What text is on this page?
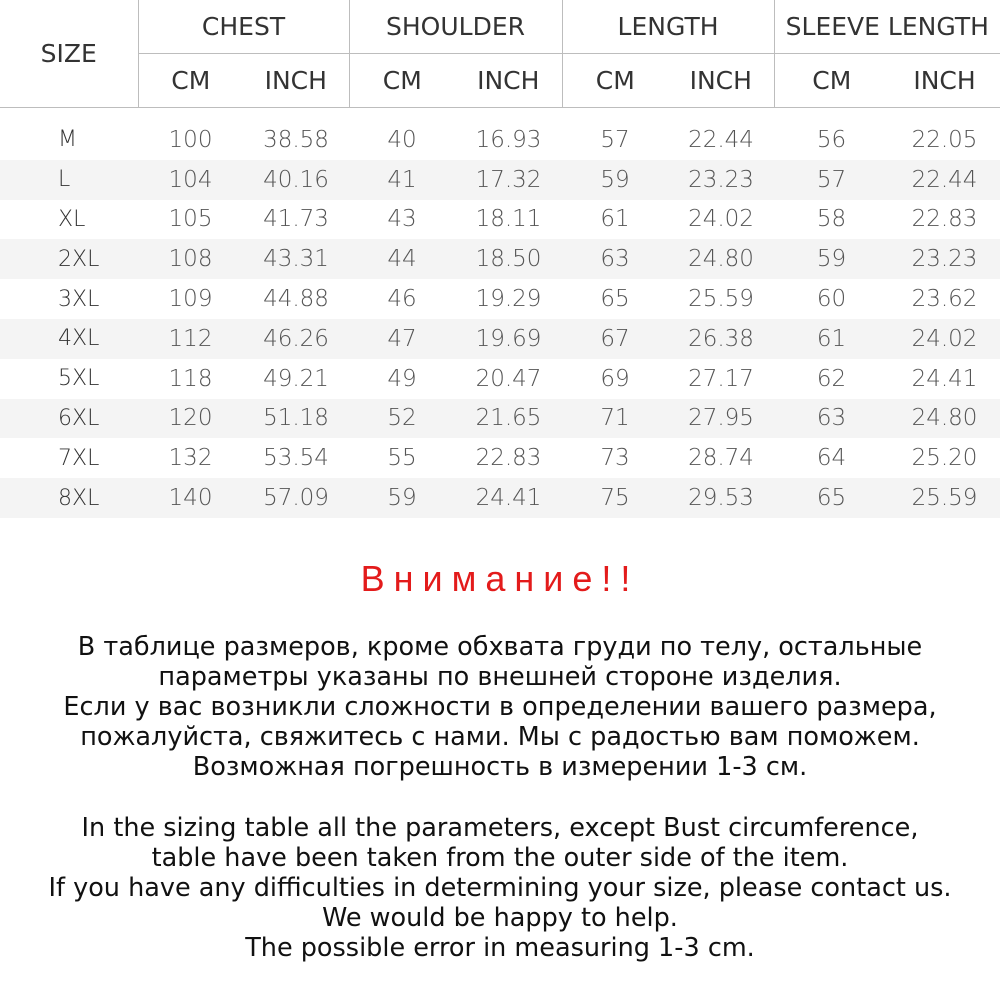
SIZE	CHEST		SHOULDER		LENGTH		SLEEVE LENGTH	
	CM	INCH	CM	INCH	CM	INCH	CM	INCH
M	100	38.58	40	16.93	57	22.44	56	22.05
L	104	40.16	41	17.32	59	23.23	57	22.44
XL	105	41.73	43	18.11	61	24.02	58	22.83
2XL	108	43.31	44	18.50	63	24.80	59	23.23
3XL	109	44.88	46	19.29	65	25.59	60	23.62
4XL	112	46.26	47	19.69	67	26.38	61	24.02
5XL	118	49.21	49	20.47	69	27.17	62	24.41
6XL	120	51.18	52	21.65	71	27.95	63	24.80
7XL	132	53.54	55	22.83	73	28.74	64	25.20
8XL	140	57.09	59	24.41	75	29.53	65	25.59
Внимание!!
В таблице размеров, кроме обхвата груди по телу, остальные
параметры указаны по внешней стороне изделия.
Если у вас возникли сложности в определении вашего размера,
пожалуйста, свяжитесь с нами. Мы с радостью вам поможем.
Возможная погрешность в измерении 1-3 см.
In the sizing table all the parameters, except Bust circumference,
table have been taken from the outer side of the item.
If you have any difficulties in determining your size, please contact us.
We would be happy to help.
The possible error in measuring 1-3 cm.
